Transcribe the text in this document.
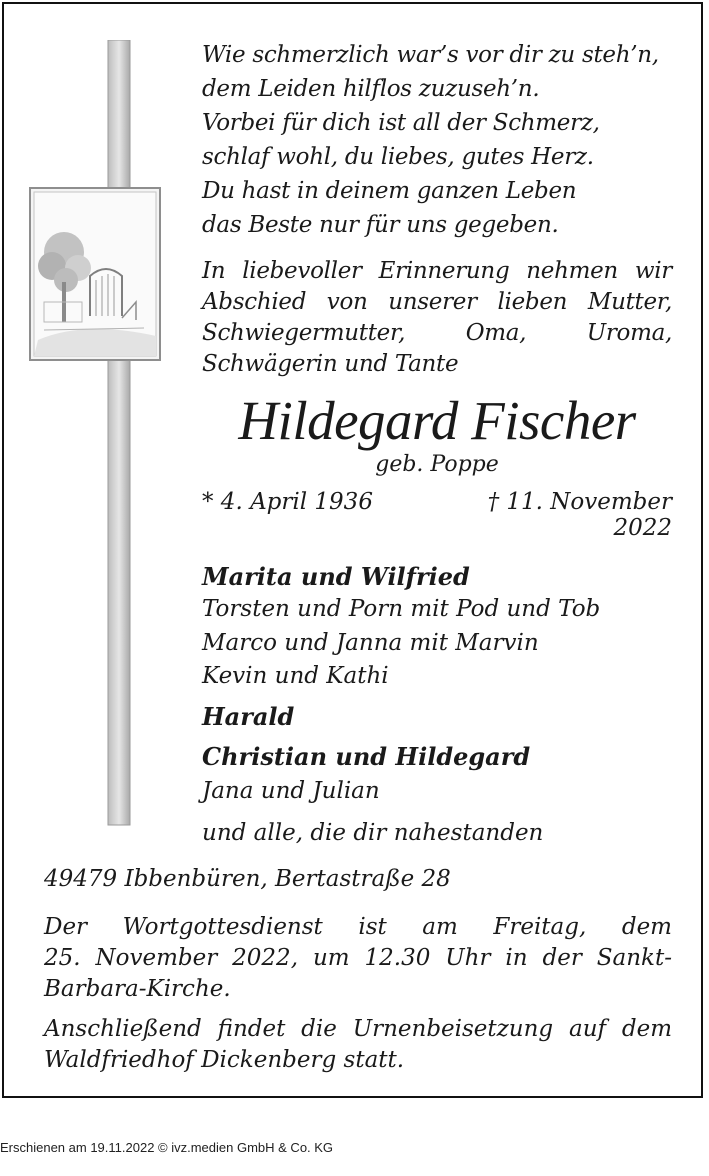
Wie schmerzlich war’s vor dir zu steh’n,
dem Leiden hilflos zuzuseh’n.
Vorbei für dich ist all der Schmerz,
schlaf wohl, du liebes, gutes Herz.
Du hast in deinem ganzen Leben
das Beste nur für uns gegeben.
In liebevoller Erinnerung nehmen wir
Abschied von unserer lieben Mutter,
Schwiegermutter, Oma, Uroma,
Schwägerin und Tante
Hildegard Fischer
geb. Poppe
* 4. April 1936	† 11. November 2022
Marita und Wilfried
Torsten und Porn mit Pod und Tob
Marco und Janna mit Marvin
Kevin und Kathi
Harald
Christian und Hildegard
Jana und Julian
und alle, die dir nahestanden
49479 Ibbenbüren, Bertastraße 28
Der Wortgottesdienst ist am Freitag, dem
25. November 2022, um 12.30 Uhr in der Sankt-
Barbara-Kirche.
Anschließend findet die Urnenbeisetzung auf dem
Waldfriedhof Dickenberg statt.
Erschienen am 19.11.2022 © ivz.medien GmbH & Co. KG
